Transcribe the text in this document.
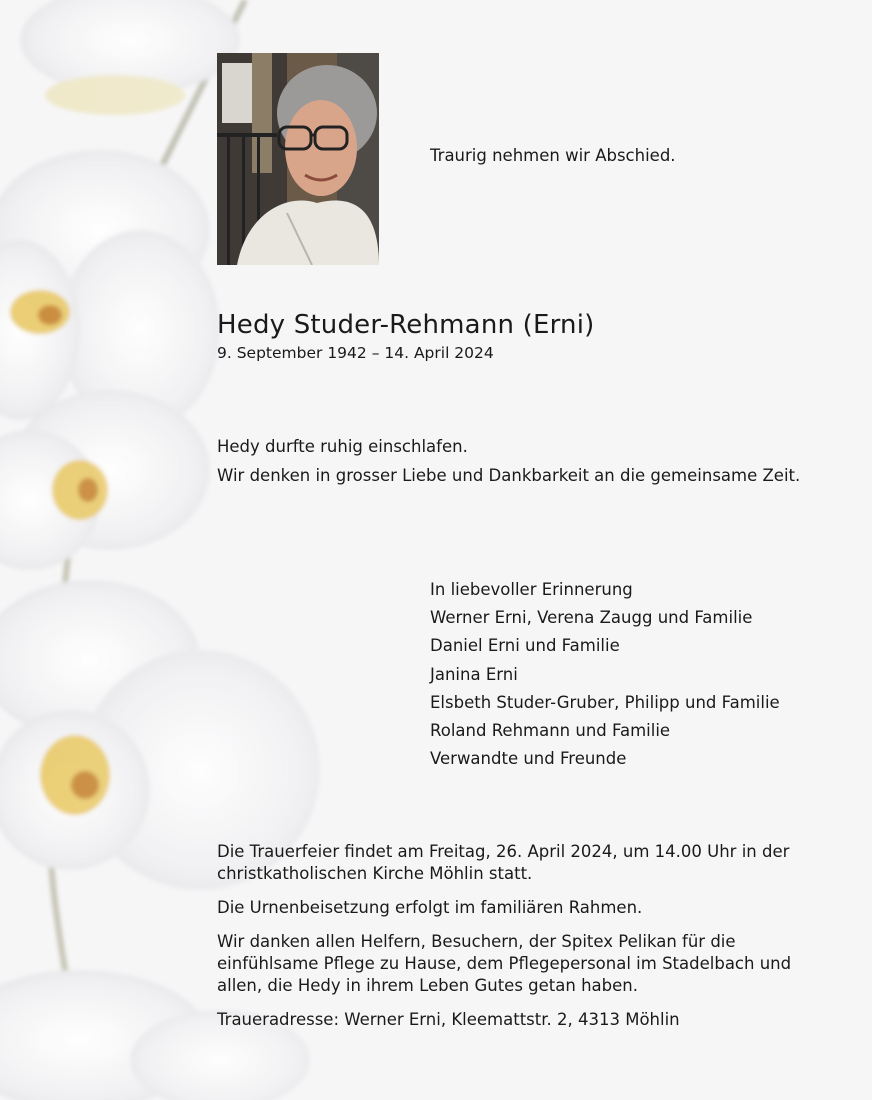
Traurig nehmen wir Abschied.
Hedy Studer-Rehmann (Erni)
9. September 1942 – 14. April 2024
Hedy durfte ruhig einschlafen.
Wir denken in grosser Liebe und Dankbarkeit an die gemeinsame Zeit.
In liebevoller Erinnerung
Werner Erni, Verena Zaugg und Familie
Daniel Erni und Familie
Janina Erni
Elsbeth Studer-Gruber, Philipp und Familie
Roland Rehmann und Familie
Verwandte und Freunde
Die Trauerfeier findet am Freitag, 26. April 2024, um 14.00 Uhr in der christkatholischen Kirche Möhlin statt.
Die Urnenbeisetzung erfolgt im familiären Rahmen.
Wir danken allen Helfern, Besuchern, der Spitex Pelikan für die einfühlsame Pflege zu Hause, dem Pflegepersonal im Stadelbach und allen, die Hedy in ihrem Leben Gutes getan haben.
Traueradresse: Werner Erni, Kleemattstr. 2, 4313 Möhlin
